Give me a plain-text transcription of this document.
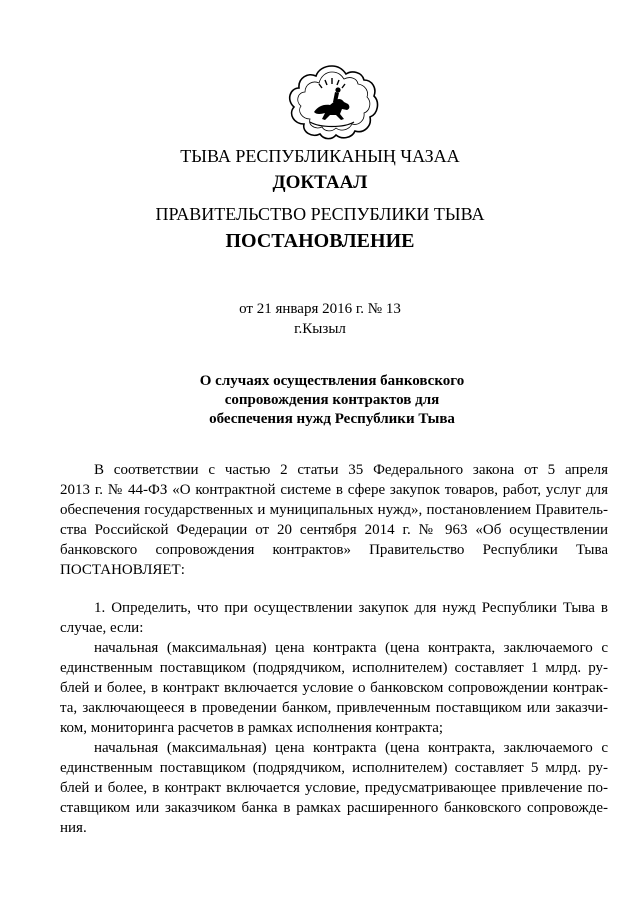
ТЫВА РЕСПУБЛИКАНЫҢ ЧАЗАА
ДОКТААЛ
ПРАВИТЕЛЬСТВО РЕСПУБЛИКИ ТЫВА
ПОСТАНОВЛЕНИЕ
от 21 января 2016 г. № 13
г.Кызыл
О случаях осуществления банковского
сопровождения контрактов для
обеспечения нужд Республики Тыва
В соответствии с частью 2 статьи 35 Федерального закона от 5 апреля
2013 г. № 44-ФЗ «О контрактной системе в сфере закупок товаров, работ, услуг для
обеспечения государственных и муниципальных нужд», постановлением Правитель-
ства Российской Федерации от 20 сентября 2014 г. № 963 «Об осуществлении
банковского сопровождения контрактов» Правительство Республики Тыва
ПОСТАНОВЛЯЕТ:
1. Определить, что при осуществлении закупок для нужд Республики Тыва в
случае, если:
начальная (максимальная) цена контракта (цена контракта, заключаемого с
единственным поставщиком (подрядчиком, исполнителем) составляет 1 млрд. ру-
блей и более, в контракт включается условие о банковском сопровождении контрак-
та, заключающееся в проведении банком, привлеченным поставщиком или заказчи-
ком, мониторинга расчетов в рамках исполнения контракта;
начальная (максимальная) цена контракта (цена контракта, заключаемого с
единственным поставщиком (подрядчиком, исполнителем) составляет 5 млрд. ру-
блей и более, в контракт включается условие, предусматривающее привлечение по-
ставщиком или заказчиком банка в рамках расширенного банковского сопровожде-
ния.
